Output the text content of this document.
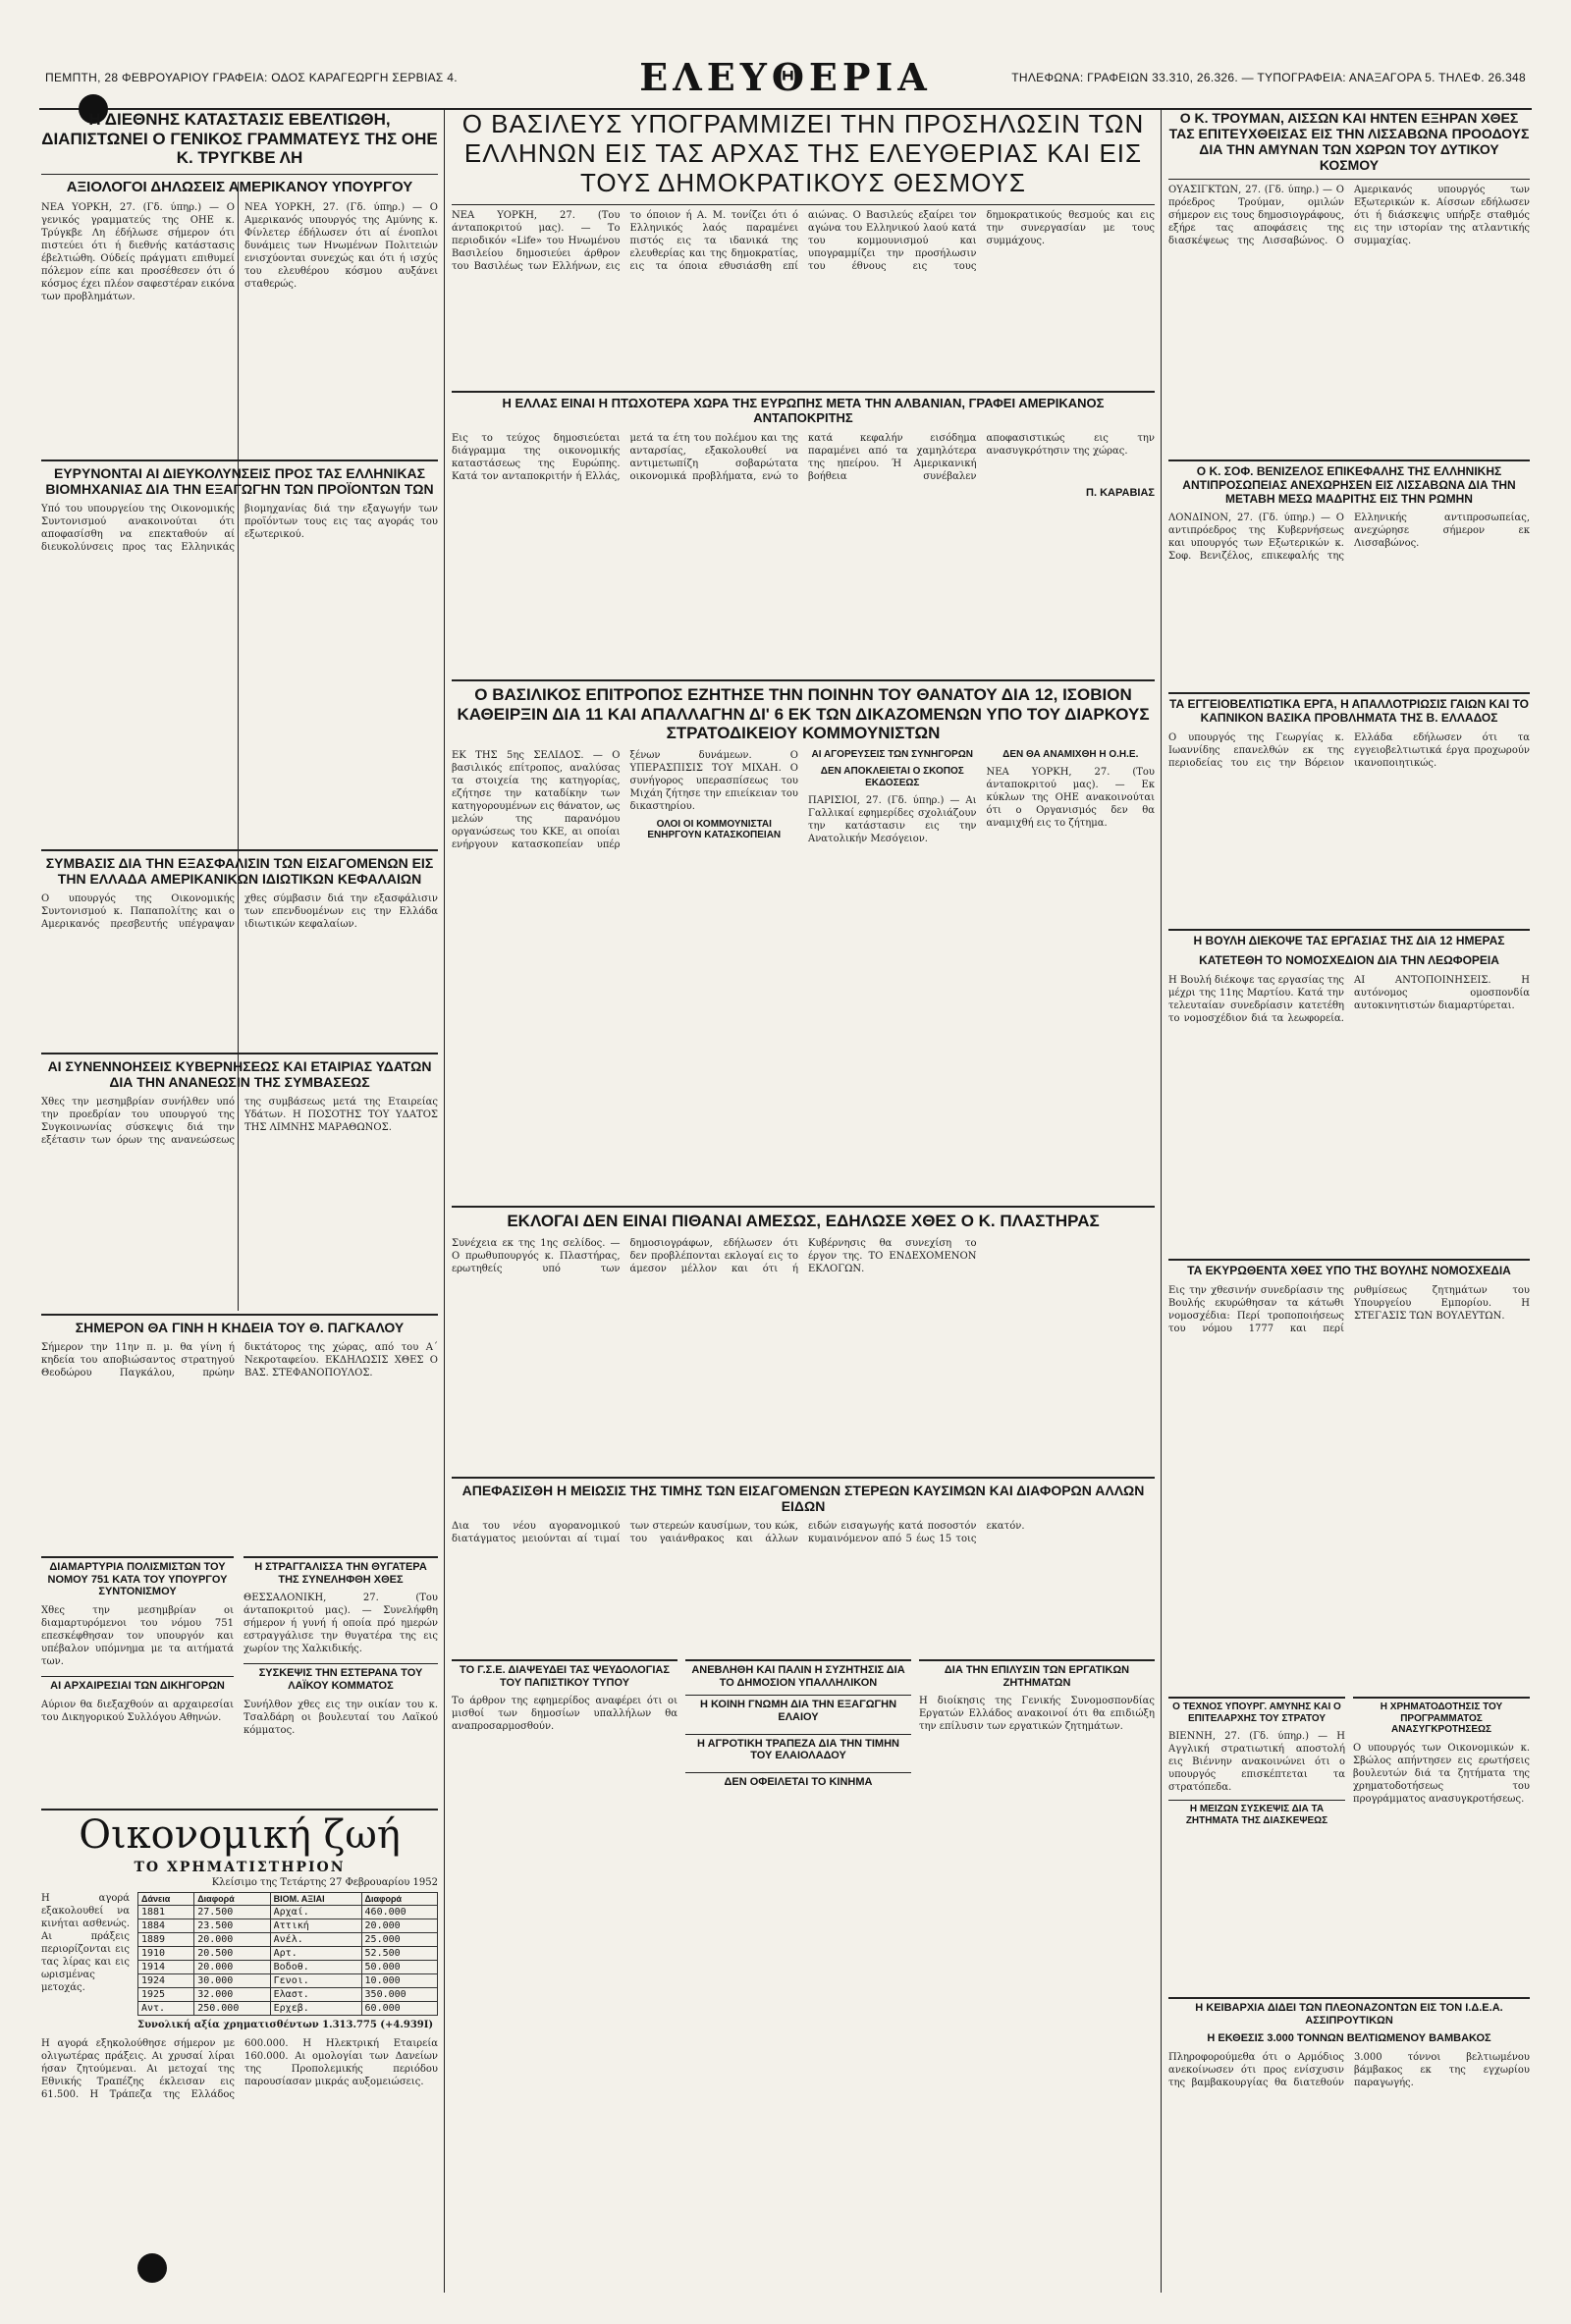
ΠΕΜΠΤΗ, 28 ΦΕΒΡΟΥΑΡΙΟΥ ΓΡΑΦΕΙΑ: ΟΔΟΣ ΚΑΡΑΓΕΩΡΓΗ ΣΕΡΒΙΑΣ 4.	ΕΛΕΥΘΕΡΙΑ	ΤΗΛΕΦΩΝΑ: ΓΡΑΦΕΙΩΝ 33.310, 26.326. — ΤΥΠΟΓΡΑΦΕΙΑ: ΑΝΑΞΑΓΟΡΑ 5. ΤΗΛΕΦ. 26.348
Η ΔΙΕΘΝΗΣ ΚΑΤΑΣΤΑΣΙΣ ΕΒΕΛΤΙΩΘΗ, ΔΙΑΠΙΣΤΩΝΕΙ Ο ΓΕΝΙΚΟΣ ΓΡΑΜΜΑΤΕΥΣ ΤΗΣ ΟΗΕ Κ. ΤΡΥΓΚΒΕ ΛΗ
ΑΞΙΟΛΟΓΟΙ ΔΗΛΩΣΕΙΣ ΑΜΕΡΙΚΑΝΟΥ ΥΠΟΥΡΓΟΥ

ΝΕΑ ΥΟΡΚΗ, 27. (Γδ. ύπηρ.) — Ο γενικός γραμματεύς της ΟΗΕ κ. Τρύγκβε Λη έδήλωσε σήμερον ότι πιστεύει ότι ή διεθνής κατάστασις έβελτιώθη. Ούδείς πράγματι επιθυμεί πόλεμον είπε και προσέθεσεν ότι ό κόσμος έχει πλέον σαφεστέραν εικόνα των προβλημάτων.

ΝΕΑ ΥΟΡΚΗ, 27. (Γδ. ύπηρ.) — Ο Αμερικανός υπουργός της Αμύνης κ. Φίνλετερ έδήλωσεν ότι αί ένοπλοι δυνάμεις των Ηνωμένων Πολιτειών ενισχύονται συνεχώς και ότι ή ισχύς του ελευθέρου κόσμου αυξάνει σταθερώς.

ΕΥΡΥΝΟΝΤΑΙ ΑΙ ΔΙΕΥΚΟΛΥΝΣΕΙΣ ΠΡΟΣ ΤΑΣ ΕΛΛΗΝΙΚΑΣ ΒΙΟΜΗΧΑΝΙΑΣ ΔΙΑ ΤΗΝ ΕΞΑΓΩΓΗΝ ΤΩΝ ΠΡΟΪΟΝΤΩΝ ΤΩΝ

Υπό του υπουργείου της Οικονομικής Συντονισμού ανακοινούται ότι αποφασίσθη να επεκταθούν αί διευκολύνσεις προς τας Ελληνικάς βιομηχανίας διά την εξαγωγήν των προϊόντων τους εις τας αγοράς του εξωτερικού.

ΣΥΜΒΑΣΙΣ ΔΙΑ ΤΗΝ ΕΞΑΣΦΑΛΙΣΙΝ ΤΩΝ ΕΙΣΑΓΟΜΕΝΩΝ ΕΙΣ ΤΗΝ ΕΛΛΑΔΑ ΑΜΕΡΙΚΑΝΙΚΩΝ ΙΔΙΩΤΙΚΩΝ ΚΕΦΑΛΑΙΩΝ

Ο υπουργός της Οικονομικής Συντονισμού κ. Παπαπολίτης και ο Αμερικανός πρεσβευτής υπέγραψαν χθες σύμβασιν διά την εξασφάλισιν των επενδυομένων εις την Ελλάδα ιδιωτικών κεφαλαίων.

ΑΙ ΣΥΝΕΝΝΟΗΣΕΙΣ ΚΥΒΕΡΝΗΣΕΩΣ ΚΑΙ ΕΤΑΙΡΙΑΣ ΥΔΑΤΩΝ ΔΙΑ ΤΗΝ ΑΝΑΝΕΩΣΙΝ ΤΗΣ ΣΥΜΒΑΣΕΩΣ

Χθες την μεσημβρίαν συνήλθεν υπό την προεδρίαν του υπουργού της Συγκοινωνίας σύσκεψις διά την εξέτασιν των όρων της ανανεώσεως της συμβάσεως μετά της Εταιρείας Υδάτων. Η ΠΟΣΟΤΗΣ ΤΟΥ ΥΔΑΤΟΣ ΤΗΣ ΛΙΜΝΗΣ ΜΑΡΑΘΩΝΟΣ.

ΣΗΜΕΡΟΝ ΘΑ ΓΙΝΗ Η ΚΗΔΕΙΑ ΤΟΥ Θ. ΠΑΓΚΑΛΟΥ

Σήμερον την 11ην π. μ. θα γίνη ή κηδεία του αποβιώσαντος στρατηγού Θεοδώρου Παγκάλου, πρώην δικτάτορος της χώρας, από του Α΄ Νεκροταφείου. ΕΚΔΗΛΩΣΙΣ ΧΘΕΣ Ο ΒΑΣ. ΣΤΕΦΑΝΟΠΟΥΛΟΣ.

ΔΙΑΜΑΡΤΥΡΙΑ ΠΟΛΙΣΜΙΣΤΩΝ ΤΟΥ ΝΟΜΟΥ 751 ΚΑΤΑ ΤΟΥ ΥΠΟΥΡΓΟΥ ΣΥΝΤΟΝΙΣΜΟΥ

Χθες την μεσημβρίαν οι διαμαρτυρόμενοι του νόμου 751 επεσκέφθησαν τον υπουργόν και υπέβαλον υπόμνημα με τα αιτήματά των.

ΑΙ ΑΡΧΑΙΡΕΣΙΑΙ ΤΩΝ ΔΙΚΗΓΟΡΩΝ

Αύριον θα διεξαχθούν αι αρχαιρεσίαι του Δικηγορικού Συλλόγου Αθηνών.

Η ΣΤΡΑΓΓΑΛΙΣΣΑ ΤΗΝ ΘΥΓΑΤΕΡΑ ΤΗΣ ΣΥΝΕΛΗΦΘΗ ΧΘΕΣ

ΘΕΣΣΑΛΟΝΙΚΗ, 27. (Του άνταποκριτού μας). — Συνελήφθη σήμερον ή γυνή ή οποία πρό ημερών εστραγγάλισε την θυγατέρα της εις χωρίον της Χαλκιδικής.

ΣΥΣΚΕΨΙΣ ΤΗΝ ΕΣΤΕΡΑΝΑ ΤΟΥ ΛΑΪΚΟΥ ΚΟΜΜΑΤΟΣ

Συνήλθον χθες εις την οικίαν του κ. Τσαλδάρη οι βουλευταί του Λαϊκού κόμματος.

Οικονομική ζωή
ΤΟ ΧΡΗΜΑΤΙΣΤΗΡΙΟΝ
Κλείσιμο της Τετάρτης 27 Φεβρουαρίου 1952

Η αγορά εξακολουθεί να κινήται ασθενώς. Αι πράξεις περιορίζονται εις τας λίρας και εις ωρισμένας μετοχάς.

Δάνεια	Διαφορά	ΒΙΟΜ. ΑΞΙΑΙ	Διαφορά
1881	27.500	Αρχαί.	460.000
1884	23.500	Αττική	20.000
1889	20.000	Ανέλ.	25.000
1910	20.500	Αρτ.	52.500
1914	20.000	Βοδοθ.	50.000
1924	30.000	Γενοι.	10.000
1925	32.000	Ελαστ.	350.000
Αντ.	250.000	Ερχεβ.	60.000
Συνολική αξία χρηματισθέντων 1.313.775 (+4.939Ι)

Η αγορά εξηκολούθησε σήμερον με ολιγωτέρας πράξεις. Αι χρυσαί λίραι ήσαν ζητούμεναι. Αι μετοχαί της Εθνικής Τραπέζης έκλεισαν εις 61.500. Η Τράπεζα της Ελλάδος 600.000. Η Ηλεκτρική Εταιρεία 160.000. Αι ομολογίαι των Δανείων της Προπολεμικής περιόδου παρουσίασαν μικράς αυξομειώσεις.

Ο ΒΑΣΙΛΕΥΣ ΥΠΟΓΡΑΜΜΙΖΕΙ ΤΗΝ ΠΡΟΣΗΛΩΣΙΝ ΤΩΝ ΕΛΛΗΝΩΝ ΕΙΣ ΤΑΣ ΑΡΧΑΣ ΤΗΣ ΕΛΕΥΘΕΡΙΑΣ ΚΑΙ ΕΙΣ ΤΟΥΣ ΔΗΜΟΚΡΑΤΙΚΟΥΣ ΘΕΣΜΟΥΣ

ΝΕΑ ΥΟΡΚΗ, 27. (Του άνταποκριτού μας). — Το περιοδικόν «Life» του Ηνωμένου Βασιλείου δημοσιεύει άρθρον του Βασιλέως των Ελλήνων, εις το όποιον ή Α. Μ. τονίζει ότι ό Ελληνικός λαός παραμένει πιστός εις τα ιδανικά της ελευθερίας και της δημοκρατίας, εις τα όποια εθυσιάσθη επί αιώνας. Ο Βασιλεύς εξαίρει τον αγώνα του Ελληνικού λαού κατά του κομμουνισμού και υπογραμμίζει την προσήλωσιν του έθνους εις τους δημοκρατικούς θεσμούς και εις την συνεργασίαν με τους συμμάχους.

Η ΕΛΛΑΣ ΕΙΝΑΙ Η ΠΤΩΧΟΤΕΡΑ ΧΩΡΑ ΤΗΣ ΕΥΡΩΠΗΣ ΜΕΤΑ ΤΗΝ ΑΛΒΑΝΙΑΝ, ΓΡΑΦΕΙ ΑΜΕΡΙΚΑΝΟΣ ΑΝΤΑΠΟΚΡΙΤΗΣ

Εις το τεύχος δημοσιεύεται διάγραμμα της οικονομικής καταστάσεως της Ευρώπης. Κατά τον ανταποκριτήν ή Ελλάς, μετά τα έτη του πολέμου και της ανταρσίας, εξακολουθεί να αντιμετωπίζη σοβαρώτατα οικονομικά προβλήματα, ενώ το κατά κεφαλήν εισόδημα παραμένει από τα χαμηλότερα της ηπείρου. Ή Αμερικανική βοήθεια συνέβαλεν αποφασιστικώς εις την ανασυγκρότησιν της χώρας.

Π. ΚΑΡΑΒΙΑΣ
Ο ΒΑΣΙΛΙΚΟΣ ΕΠΙΤΡΟΠΟΣ ΕΖΗΤΗΣΕ ΤΗΝ ΠΟΙΝΗΝ ΤΟΥ ΘΑΝΑΤΟΥ ΔΙΑ 12, ΙΣΟΒΙΟΝ ΚΑΘΕΙΡΞΙΝ ΔΙΑ 11 ΚΑΙ ΑΠΑΛΛΑΓΗΝ ΔΙ' 6 ΕΚ ΤΩΝ ΔΙΚΑΖΟΜΕΝΩΝ ΥΠΟ ΤΟΥ ΔΙΑΡΚΟΥΣ ΣΤΡΑΤΟΔΙΚΕΙΟΥ ΚΟΜΜΟΥΝΙΣΤΩΝ

ΕΚ ΤΗΣ 5ης ΣΕΛΙΔΟΣ. — Ο βασιλικός επίτροπος, αναλύσας τα στοιχεία της κατηγορίας, εζήτησε την καταδίκην των κατηγορουμένων εις θάνατον, ως μελών της παρανόμου οργανώσεως του ΚΚΕ, αι οποίαι ενήργουν κατασκοπείαν υπέρ ξένων δυνάμεων. Ο ΥΠΕΡΑΣΠΙΣΙΣ ΤΟΥ ΜΙΧΑΗ. Ο συνήγορος υπερασπίσεως του Μιχάη ζήτησε την επιείκειαν του δικαστηρίου.

ΟΛΟΙ ΟΙ ΚΟΜΜΟΥΝΙΣΤΑΙ ΕΝΗΡΓΟΥΝ ΚΑΤΑΣΚΟΠΕΙΑΝ
ΑΙ ΑΓΟΡΕΥΣΕΙΣ ΤΩΝ ΣΥΝΗΓΟΡΩΝ
ΔΕΝ ΑΠΟΚΛΕΙΕΤΑΙ Ο ΣΚΟΠΟΣ ΕΚΔΟΣΕΩΣ

ΠΑΡΙΣΙΟΙ, 27. (Γδ. ύπηρ.) — Αι Γαλλικαί εφημερίδες σχολιάζουν την κατάστασιν εις την Ανατολικήν Μεσόγειον.

ΔΕΝ ΘΑ ΑΝΑΜΙΧΘΗ Η Ο.Η.Ε.

ΝΕΑ ΥΟΡΚΗ, 27. (Του άνταποκριτού μας). — Εκ κύκλων της ΟΗΕ ανακοινούται ότι ο Οργανισμός δεν θα αναμιχθή εις το ζήτημα.

ΕΚΛΟΓΑΙ ΔΕΝ ΕΙΝΑΙ ΠΙΘΑΝΑΙ ΑΜΕΣΩΣ, ΕΔΗΛΩΣΕ ΧΘΕΣ Ο Κ. ΠΛΑΣΤΗΡΑΣ

Συνέχεια εκ της 1ης σελίδος. — Ο πρωθυπουργός κ. Πλαστήρας, ερωτηθείς υπό των δημοσιογράφων, εδήλωσεν ότι δεν προβλέπονται εκλογαί εις το άμεσον μέλλον και ότι ή Κυβέρνησις θα συνεχίση το έργον της. ΤΟ ΕΝΔΕΧΟΜΕΝΟΝ ΕΚΛΟΓΩΝ.

ΑΠΕΦΑΣΙΣΘΗ Η ΜΕΙΩΣΙΣ ΤΗΣ ΤΙΜΗΣ ΤΩΝ ΕΙΣΑΓΟΜΕΝΩΝ ΣΤΕΡΕΩΝ ΚΑΥΣΙΜΩΝ ΚΑΙ ΔΙΑΦΟΡΩΝ ΑΛΛΩΝ ΕΙΔΩΝ

Δια του νέου αγορανομικού διατάγματος μειούνται αί τιμαί των στερεών καυσίμων, του κώκ, του γαιάνθρακος και άλλων ειδών εισαγωγής κατά ποσοστόν κυμαινόμενον από 5 έως 15 τοις εκατόν.

ΤΟ Γ.Σ.Ε. ΔΙΑΨΕΥΔΕΙ ΤΑΣ ΨΕΥΔΟΛΟΓΙΑΣ ΤΟΥ ΠΑΠΙΣΤΙΚΟΥ ΤΥΠΟΥ

Το άρθρον της εφημερίδος αναφέρει ότι οι μισθοί των δημοσίων υπαλλήλων θα αναπροσαρμοσθούν.

ΑΝΕΒΛΗΘΗ ΚΑΙ ΠΑΛΙΝ Η ΣΥΖΗΤΗΣΙΣ ΔΙΑ ΤΟ ΔΗΜΟΣΙΟΝ ΥΠΑΛΛΗΛΙΚΟΝ
Η ΚΟΙΝΗ ΓΝΩΜΗ ΔΙΑ ΤΗΝ ΕΞΑΓΩΓΗΝ ΕΛΑΙΟΥ
Η ΑΓΡΟΤΙΚΗ ΤΡΑΠΕΖΑ ΔΙΑ ΤΗΝ ΤΙΜΗΝ ΤΟΥ ΕΛΑΙΟΛΑΔΟΥ
ΔΕΝ ΟΦΕΙΛΕΤΑΙ ΤΟ ΚΙΝΗΜΑ
ΔΙΑ ΤΗΝ ΕΠΙΛΥΣΙΝ ΤΩΝ ΕΡΓΑΤΙΚΩΝ ΖΗΤΗΜΑΤΩΝ

Η διοίκησις της Γενικής Συνομοσπονδίας Εργατών Ελλάδος ανακοινοί ότι θα επιδιώξη την επίλυσιν των εργατικών ζητημάτων.

Ο Κ. ΤΡΟΥΜΑΝ, ΑΙΣΣΩΝ ΚΑΙ ΗΝΤΕΝ ΕΞΗΡΑΝ ΧΘΕΣ ΤΑΣ ΕΠΙΤΕΥΧΘΕΙΣΑΣ ΕΙΣ ΤΗΝ ΛΙΣΣΑΒΩΝΑ ΠΡΟΟΔΟΥΣ ΔΙΑ ΤΗΝ ΑΜΥΝΑΝ ΤΩΝ ΧΩΡΩΝ ΤΟΥ ΔΥΤΙΚΟΥ ΚΟΣΜΟΥ

ΟΥΑΣΙΓΚΤΩΝ, 27. (Γδ. ύπηρ.) — Ο πρόεδρος Τρούμαν, ομιλών σήμερον εις τους δημοσιογράφους, εξήρε τας αποφάσεις της διασκέψεως της Λισσαβώνος. Ο Αμερικανός υπουργός των Εξωτερικών κ. Αίσσων εδήλωσεν ότι ή διάσκεψις υπήρξε σταθμός εις την ιστορίαν της ατλαντικής συμμαχίας.

Ο Κ. ΣΟΦ. ΒΕΝΙΖΕΛΟΣ ΕΠΙΚΕΦΑΛΗΣ ΤΗΣ ΕΛΛΗΝΙΚΗΣ ΑΝΤΙΠΡΟΣΩΠΕΙΑΣ ΑΝΕΧΩΡΗΣΕΝ ΕΙΣ ΛΙΣΣΑΒΩΝΑ ΔΙΑ ΤΗΝ ΜΕΤΑΒΗ ΜΕΣΩ ΜΑΔΡΙΤΗΣ ΕΙΣ ΤΗΝ ΡΩΜΗΝ

ΛΟΝΔΙΝΟΝ, 27. (Γδ. ύπηρ.) — Ο αντιπρόεδρος της Κυβερνήσεως και υπουργός των Εξωτερικών κ. Σοφ. Βενιζέλος, επικεφαλής της Ελληνικής αντιπροσωπείας, ανεχώρησε σήμερον εκ Λισσαβώνος.

ΤΑ ΕΓΓΕΙΟΒΕΛΤΙΩΤΙΚΑ ΕΡΓΑ, Η ΑΠΑΛΛΟΤΡΙΩΣΙΣ ΓΑΙΩΝ ΚΑΙ ΤΟ ΚΑΠΝΙΚΟΝ ΒΑΣΙΚΑ ΠΡΟΒΛΗΜΑΤΑ ΤΗΣ Β. ΕΛΛΑΔΟΣ

Ο υπουργός της Γεωργίας κ. Ιωαννίδης επανελθών εκ της περιοδείας του εις την Βόρειον Ελλάδα εδήλωσεν ότι τα εγγειοβελτιωτικά έργα προχωρούν ικανοποιητικώς.

Η ΒΟΥΛΗ ΔΙΕΚΟΨΕ ΤΑΣ ΕΡΓΑΣΙΑΣ ΤΗΣ ΔΙΑ 12 ΗΜΕΡΑΣ
ΚΑΤΕΤΕΘΗ ΤΟ ΝΟΜΟΣΧΕΔΙΟΝ ΔΙΑ ΤΗΝ ΛΕΩΦΟΡΕΙΑ

Η Βουλή διέκοψε τας εργασίας της μέχρι της 11ης Μαρτίου. Κατά την τελευταίαν συνεδρίασιν κατετέθη το νομοσχέδιον διά τα λεωφορεία. ΑΙ ΑΝΤΟΠΟΙΝΗΣΕΙΣ. Η αυτόνομος ομοσπονδία αυτοκινητιστών διαμαρτύρεται.

ΤΑ ΕΚΥΡΩΘΕΝΤΑ ΧΘΕΣ ΥΠΟ ΤΗΣ ΒΟΥΛΗΣ ΝΟΜΟΣΧΕΔΙΑ

Εις την χθεσινήν συνεδρίασιν της Βουλής εκυρώθησαν τα κάτωθι νομοσχέδια: Περί τροποποιήσεως του νόμου 1777 και περί ρυθμίσεως ζητημάτων του Υπουργείου Εμπορίου. Η ΣΤΕΓΑΣΙΣ ΤΩΝ ΒΟΥΛΕΥΤΩΝ.

Ο ΤΕΧΝΟΣ ΥΠΟΥΡΓ. ΑΜΥΝΗΣ ΚΑΙ Ο ΕΠΙΤΕΛΑΡΧΗΣ ΤΟΥ ΣΤΡΑΤΟΥ

ΒΙΕΝΝΗ, 27. (Γδ. ύπηρ.) — Η Αγγλική στρατιωτική αποστολή εις Βιέννην ανακοινώνει ότι ο υπουργός επισκέπτεται τα στρατόπεδα.

Η ΜΕΙΖΩΝ ΣΥΣΚΕΨΙΣ ΔΙΑ ΤΑ ΖΗΤΗΜΑΤΑ ΤΗΣ ΔΙΑΣΚΕΨΕΩΣ
Η ΧΡΗΜΑΤΟΔΟΤΗΣΙΣ ΤΟΥ ΠΡΟΓΡΑΜΜΑΤΟΣ ΑΝΑΣΥΓΚΡΟΤΗΣΕΩΣ

Ο υπουργός των Οικονομικών κ. Σβώλος απήντησεν εις ερωτήσεις βουλευτών διά τα ζητήματα της χρηματοδοτήσεως του προγράμματος ανασυγκροτήσεως.

Η ΚΕΙΒΑΡΧΙΑ ΔΙΔΕΙ ΤΩΝ ΠΛΕΟΝΑΖΟΝΤΩΝ ΕΙΣ ΤΟΝ Ι.Δ.Ε.Α. ΑΣΣΙΠΡΟΥΤΙΚΩΝ
Η ΕΚΘΕΣΙΣ 3.000 ΤΟΝΝΩΝ ΒΕΛΤΙΩΜΕΝΟΥ ΒΑΜΒΑΚΟΣ

Πληροφορούμεθα ότι ο Αρμόδιος ανεκοίνωσεν ότι προς ενίσχυσιν της βαμβακουργίας θα διατεθούν 3.000 τόννοι βελτιωμένου βάμβακος εκ της εγχωρίου παραγωγής.
